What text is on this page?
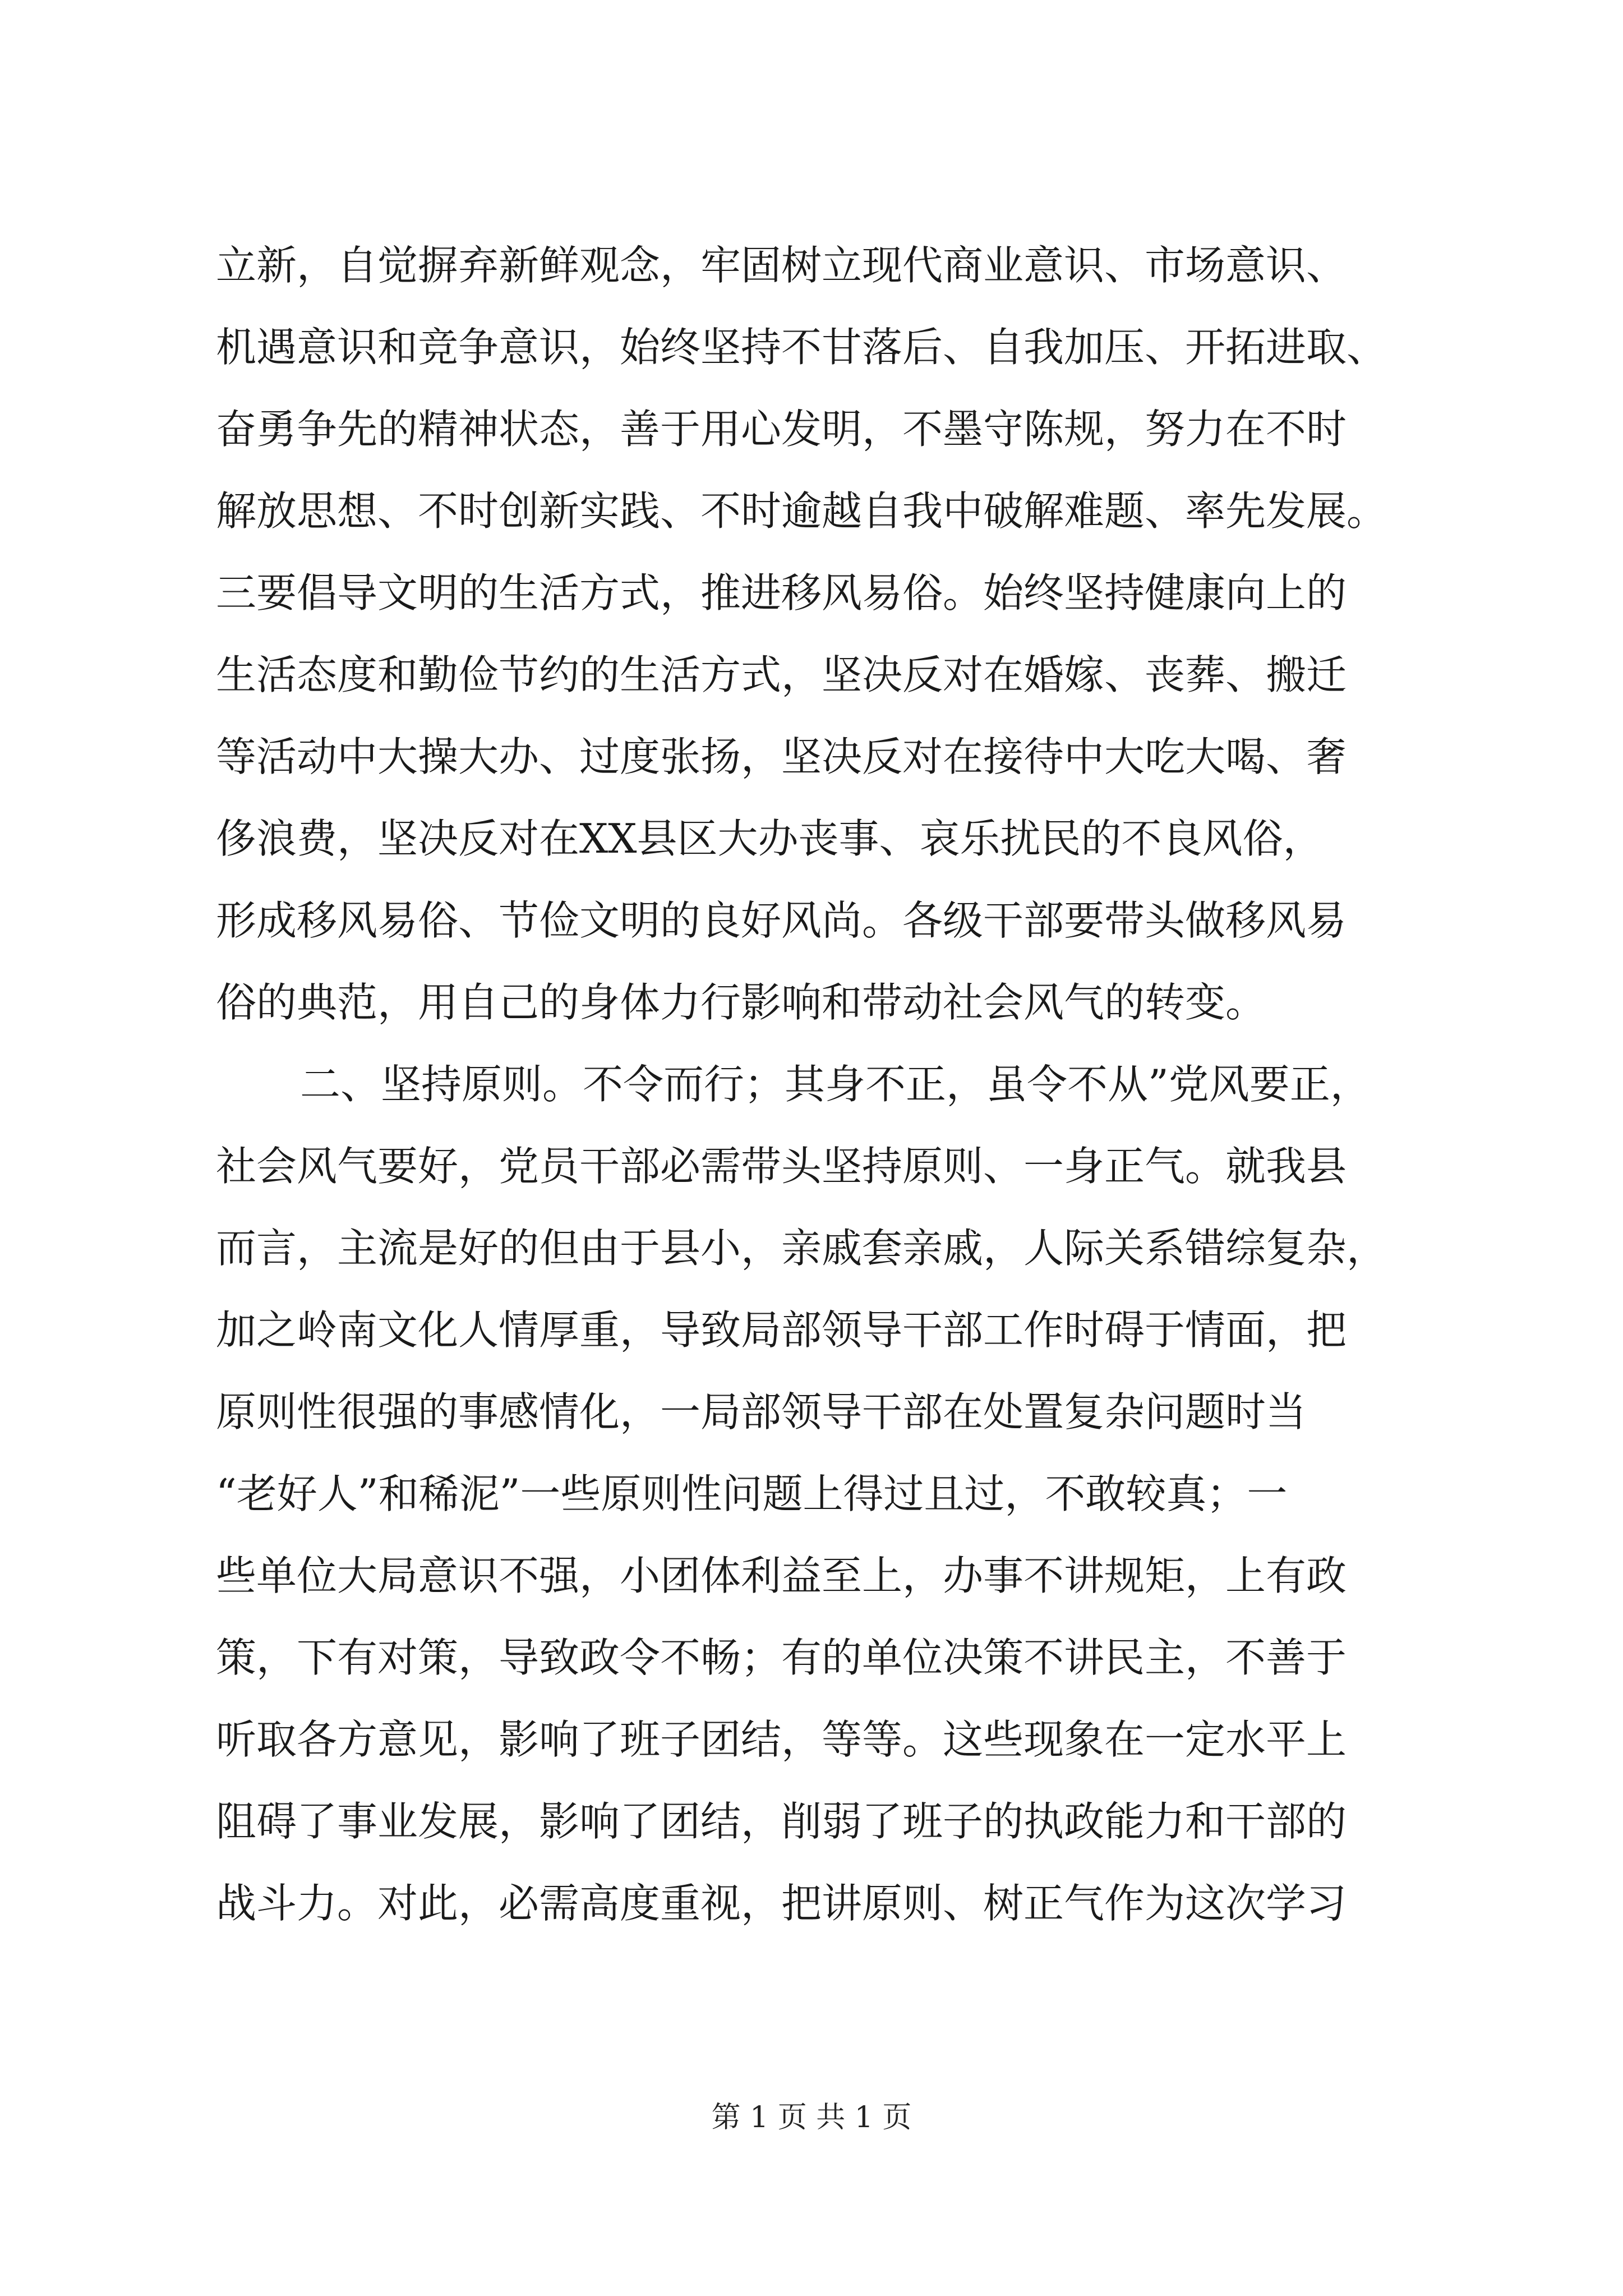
立新，自觉摒弃新鲜观念，牢固树立现代商业意识、市场意识、
机遇意识和竞争意识，始终坚持不甘落后、自我加压、开拓进取、
奋勇争先的精神状态，善于用心发明，不墨守陈规，努力在不时
解放思想、不时创新实践、不时逾越自我中破解难题、率先发展。
三要倡导文明的生活方式，推进移风易俗。始终坚持健康向上的
生活态度和勤俭节约的生活方式，坚决反对在婚嫁、丧葬、搬迁
等活动中大操大办、过度张扬，坚决反对在接待中大吃大喝、奢
侈浪费，坚决反对在XX县区大办丧事、哀乐扰民的不良风俗，
形成移风易俗、节俭文明的良好风尚。各级干部要带头做移风易
俗的典范，用自己的身体力行影响和带动社会风气的转变。
二、坚持原则。不令而行；其身不正，虽令不从”党风要正，
社会风气要好，党员干部必需带头坚持原则、一身正气。就我县
而言，主流是好的但由于县小，亲戚套亲戚，人际关系错综复杂，
加之岭南文化人情厚重，导致局部领导干部工作时碍于情面，把
原则性很强的事感情化，一局部领导干部在处置复杂问题时当
“老好人”和稀泥”一些原则性问题上得过且过，不敢较真；一
些单位大局意识不强，小团体利益至上，办事不讲规矩，上有政
策，下有对策，导致政令不畅；有的单位决策不讲民主，不善于
听取各方意见，影响了班子团结，等等。这些现象在一定水平上
阻碍了事业发展，影响了团结，削弱了班子的执政能力和干部的
战斗力。对此，必需高度重视，把讲原则、树正气作为这次学习
第 1 页 共 1 页
